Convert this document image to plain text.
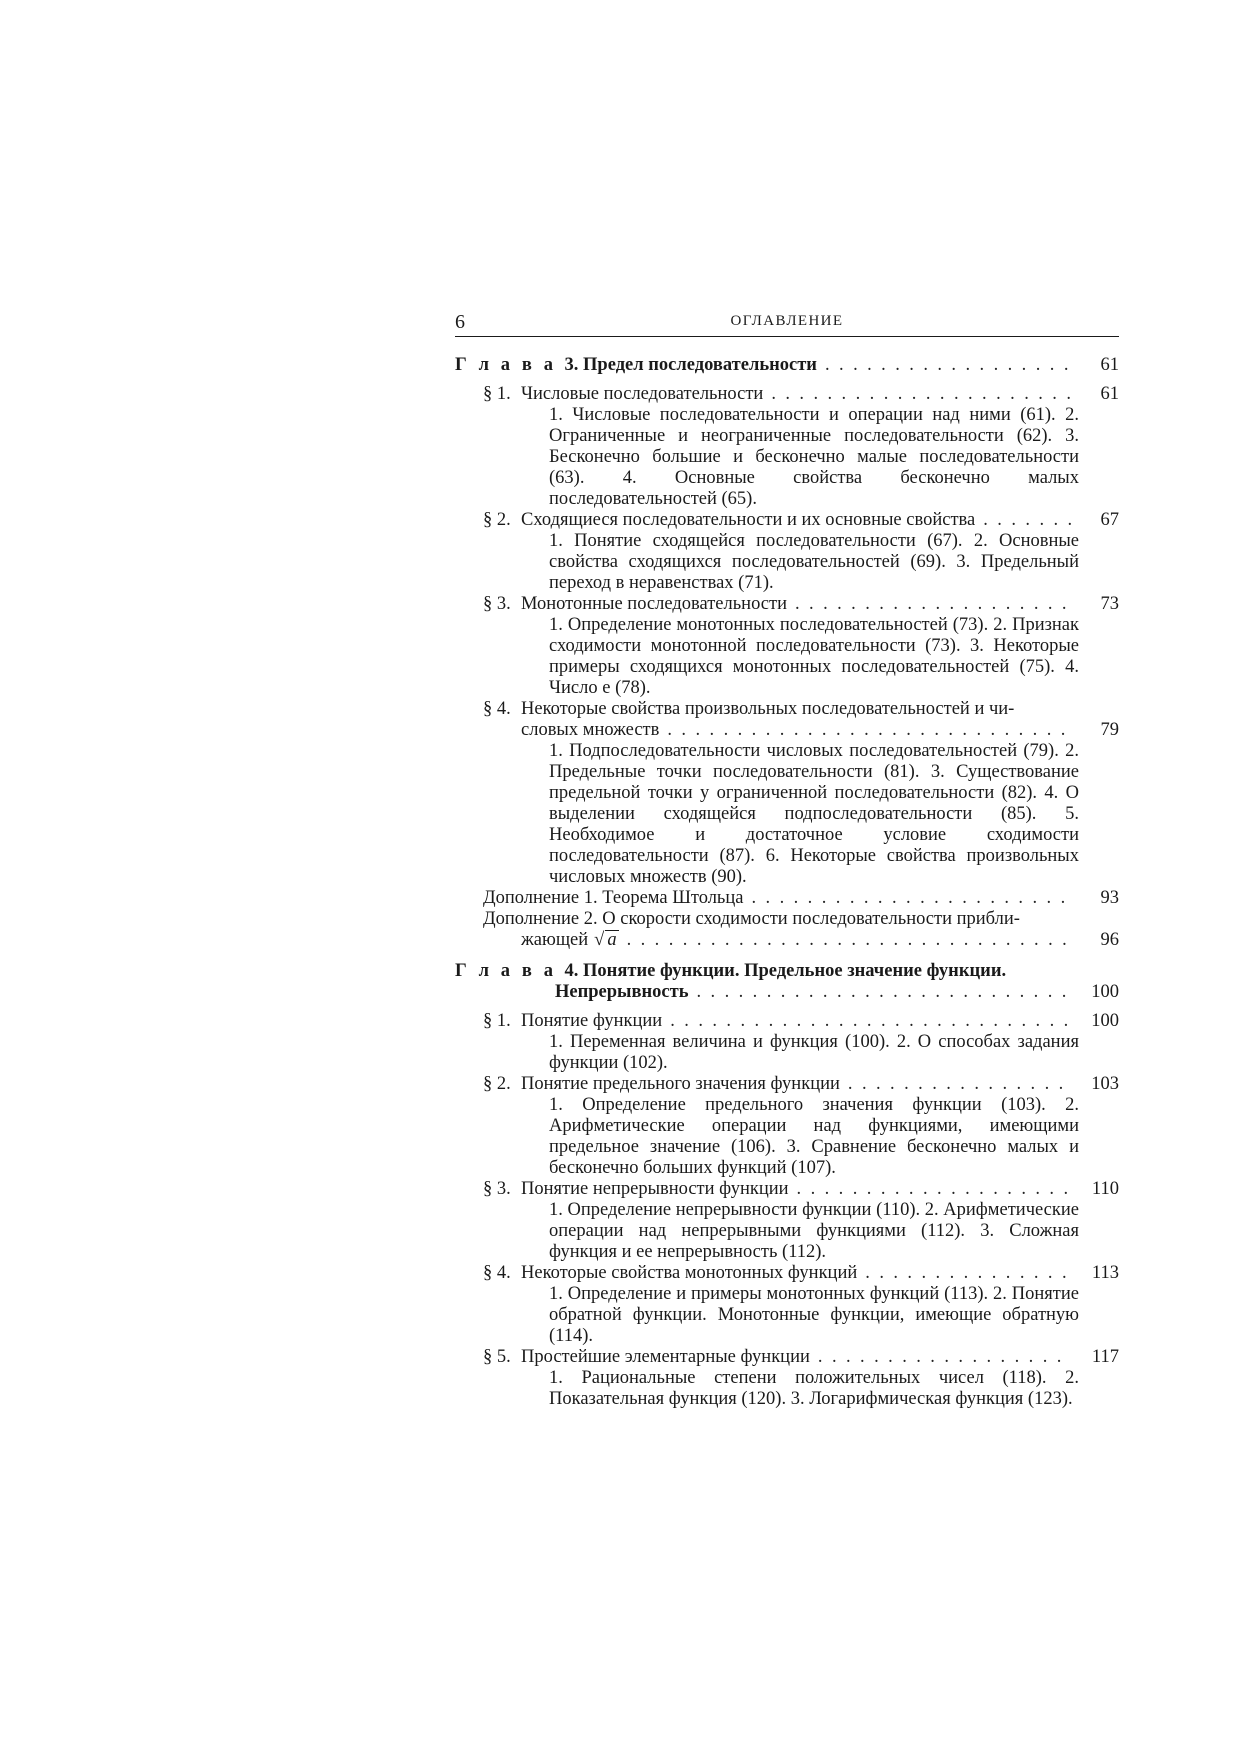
6	ОГЛАВЛЕНИЕ
Г л а в а 3. Предел последовательности . . .	61
§ 1. Числовые последовательности . . .	61
1. Числовые последовательности и операции над ними (61). 2. Ограниченные и неограниченные последовательности (62). 3. Бесконечно большие и бесконечно малые последовательности (63). 4. Основные свойства бесконечно малых последовательностей (65).
§ 2. Сходящиеся последовательности и их основные свойства . . .	67
1. Понятие сходящейся последовательности (67). 2. Основные свойства сходящихся последовательностей (69). 3. Предельный переход в неравенствах (71).
§ 3. Монотонные последовательности . . .	73
1. Определение монотонных последовательностей (73). 2. Признак сходимости монотонной последовательности (73). 3. Некоторые примеры сходящихся монотонных последовательностей (75). 4. Число e (78).
§ 4. Некоторые свойства произвольных последовательностей и чи-
словых множеств . . .	79
1. Подпоследовательности числовых последовательностей (79). 2. Предельные точки последовательности (81). 3. Существование предельной точки у ограниченной последовательности (82). 4. О выделении сходящейся подпоследовательности (85). 5. Необходимое и достаточное условие сходимости последовательности (87). 6. Некоторые свойства произвольных числовых множеств (90).
Дополнение 1. Теорема Штольца . . .	93
Дополнение 2. О скорости сходимости последовательности прибли-
жающей √ a . . .	96
Г л а в а 4. Понятие функции. Предельное значение функции.
Непрерывность . . .	100
§ 1. Понятие функции . . .	100
1. Переменная величина и функция (100). 2. О способах задания функции (102).
§ 2. Понятие предельного значения функции . . .	103
1. Определение предельного значения функции (103). 2. Арифметические операции над функциями, имеющими предельное значение (106). 3. Сравнение бесконечно малых и бесконечно больших функций (107).
§ 3. Понятие непрерывности функции . . .	110
1. Определение непрерывности функции (110). 2. Арифметические операции над непрерывными функциями (112). 3. Сложная функция и ее непрерывность (112).
§ 4. Некоторые свойства монотонных функций . . .	113
1. Определение и примеры монотонных функций (113). 2. Понятие обратной функции. Монотонные функции, имеющие обратную (114).
§ 5. Простейшие элементарные функции . . .	117
1. Рациональные степени положительных чисел (118). 2. Показательная функция (120). 3. Логарифмическая функция (123).
